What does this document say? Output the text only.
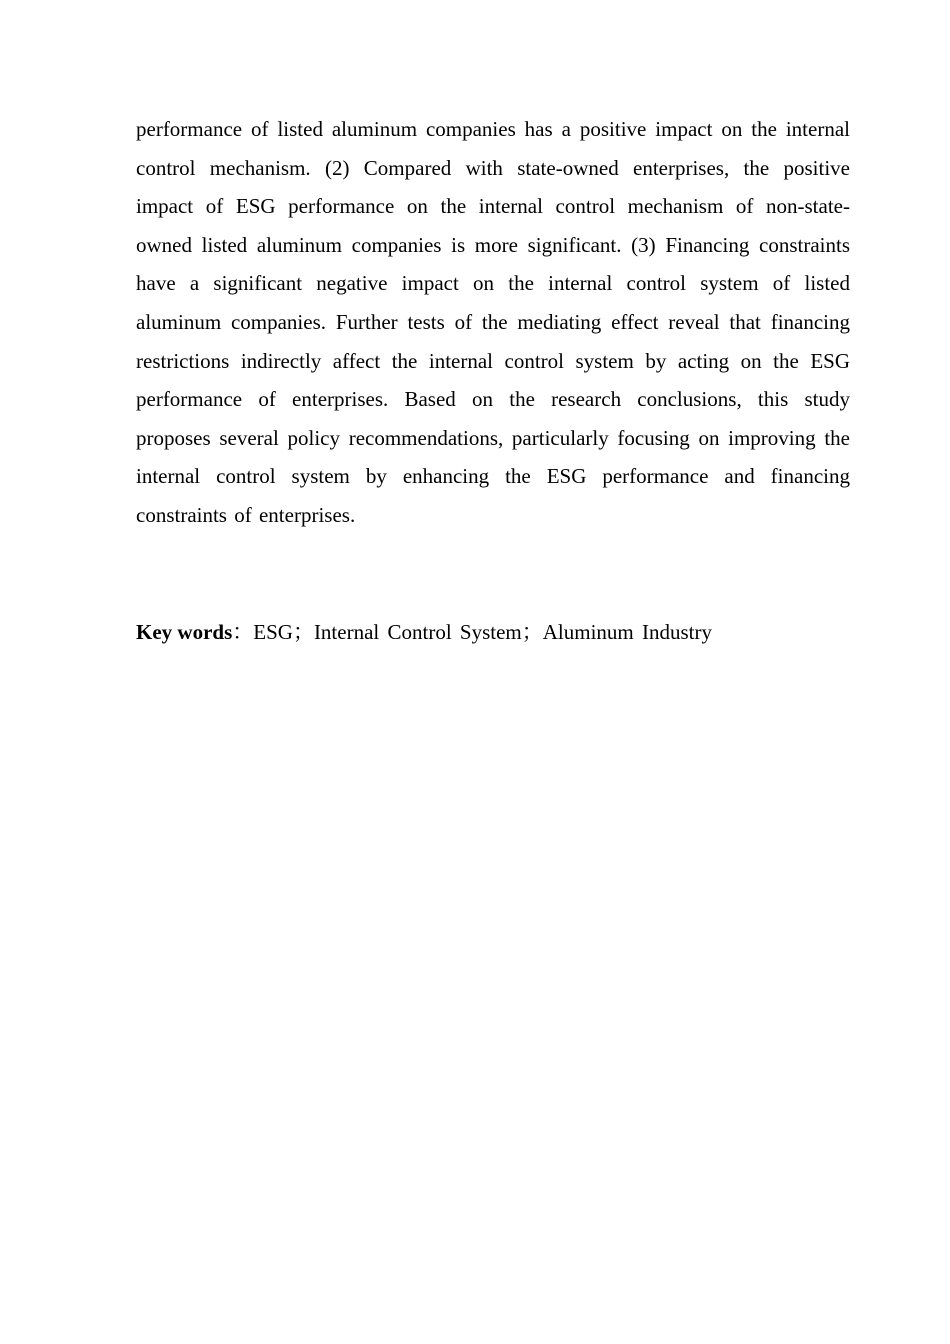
performance of listed aluminum companies has a positive impact on the internal control mechanism. (2) Compared with state-owned enterprises, the positive impact of ESG performance on the internal control mechanism of non-state-owned listed aluminum companies is more significant. (3) Financing constraints have a significant negative impact on the internal control system of listed aluminum companies. Further tests of the mediating effect reveal that financing restrictions indirectly affect the internal control system by acting on the ESG performance of enterprises. Based on the research conclusions, this study proposes several policy recommendations, particularly focusing on improving the internal control system by enhancing the ESG performance and financing constraints of enterprises.

Key words：ESG；Internal Control System；Aluminum Industry
